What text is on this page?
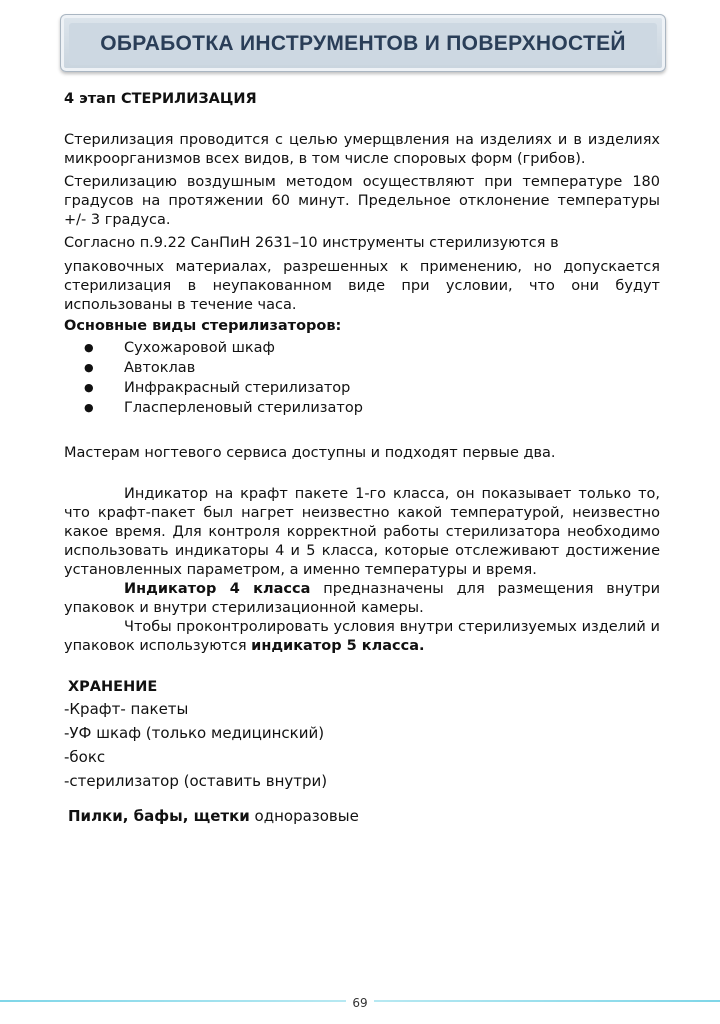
ОБРАБОТКА ИНСТРУМЕНТОВ И ПОВЕРХНОСТЕЙ
4 этап СТЕРИЛИЗАЦИЯ

Стерилизация проводится с целью умерщвления на изделиях и в изделиях микроорганизмов всех видов, в том числе споровых форм (грибов).

Стерилизацию воздушным методом осуществляют при температуре 180 градусов на протяжении 60 минут. Предельное отклонение температуры +/- 3 градуса.

Согласно п.9.22 СанПиН 2631–10 инструменты стерилизуются в

упаковочных материалах, разрешенных к применению, но допускается стерилизация в неупакованном виде при условии, что они будут использованы в течение часа.

Основные виды стерилизаторов:
● Сухожаровой шкаф
● Автоклав
● Инфракрасный стерилизатор
● Гласперленовый стерилизатор

Мастерам ногтевого сервиса доступны и подходят первые два.

Индикатор на крафт пакете 1-го класса, он показывает только то, что крафт-пакет был нагрет неизвестно какой температурой, неизвестно какое время. Для контроля корректной работы стерилизатора необходимо использовать индикаторы 4 и 5 класса, которые отслеживают достижение установленных параметром, а именно температуры и время.

Индикатор 4 класса предназначены для размещения внутри упаковок и внутри стерилизационной камеры.

Чтобы проконтролировать условия внутри стерилизуемых изделий и упаковок используются индикатор 5 класса.

ХРАНЕНИЕ
-Крафт- пакеты
-УФ шкаф (только медицинский)
-бокс
-стерилизатор (оставить внутри)
Пилки, бафы, щетки одноразовые
69
